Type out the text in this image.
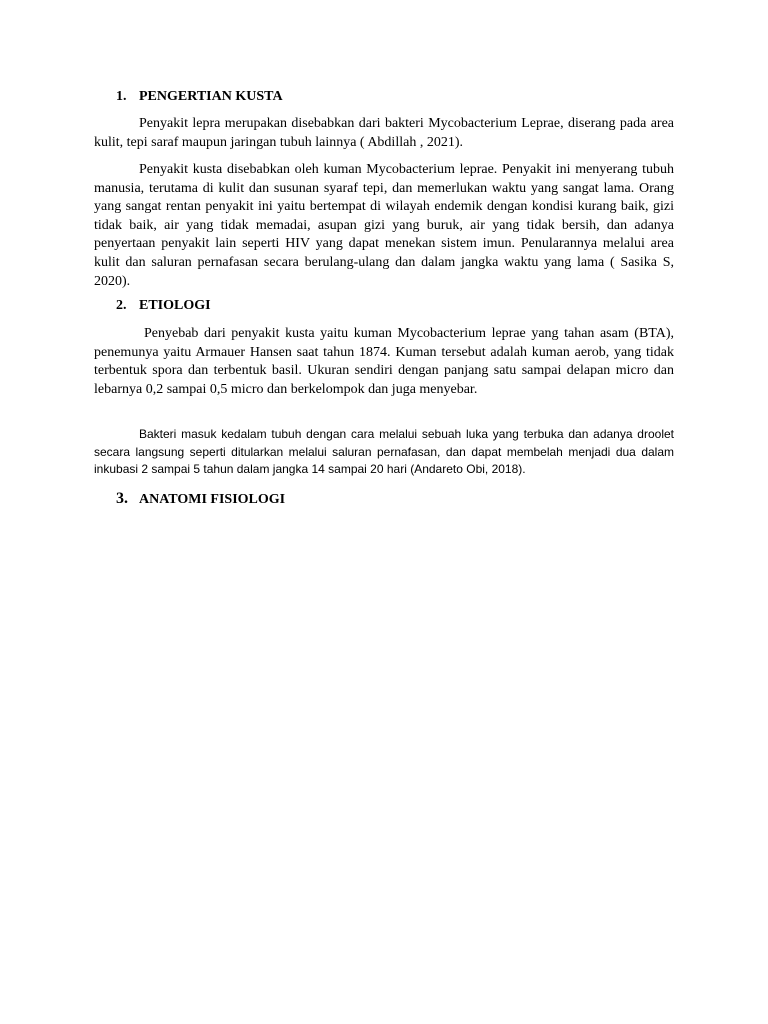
1. PENGERTIAN KUSTA

Penyakit lepra merupakan disebabkan dari bakteri Mycobacterium Leprae, diserang pada area kulit, tepi saraf maupun jaringan tubuh lainnya ( Abdillah , 2021).

Penyakit kusta disebabkan oleh kuman Mycobacterium leprae. Penyakit ini menyerang tubuh manusia, terutama di kulit dan susunan syaraf tepi, dan memerlukan waktu yang sangat lama. Orang yang sangat rentan penyakit ini yaitu bertempat di wilayah endemik dengan kondisi kurang baik, gizi tidak baik, air yang tidak memadai, asupan gizi yang buruk, air yang tidak bersih, dan adanya penyertaan penyakit lain seperti HIV yang dapat menekan sistem imun. Penularannya melalui area kulit dan saluran pernafasan secara berulang-ulang dan dalam jangka waktu yang lama ( Sasika S, 2020).

2. ETIOLOGI

Penyebab dari penyakit kusta yaitu kuman Mycobacterium leprae yang tahan asam (BTA), penemunya yaitu Armauer Hansen saat tahun 1874. Kuman tersebut adalah kuman aerob, yang tidak terbentuk spora dan terbentuk basil. Ukuran sendiri dengan panjang satu sampai delapan micro dan lebarnya 0,2 sampai 0,5 micro dan berkelompok dan juga menyebar.

Bakteri masuk kedalam tubuh dengan cara melalui sebuah luka yang terbuka dan adanya droolet secara langsung seperti ditularkan melalui saluran pernafasan, dan dapat membelah menjadi dua dalam inkubasi 2 sampai 5 tahun dalam jangka 14 sampai 20 hari (Andareto Obi, 2018).

3. ANATOMI FISIOLOGI
